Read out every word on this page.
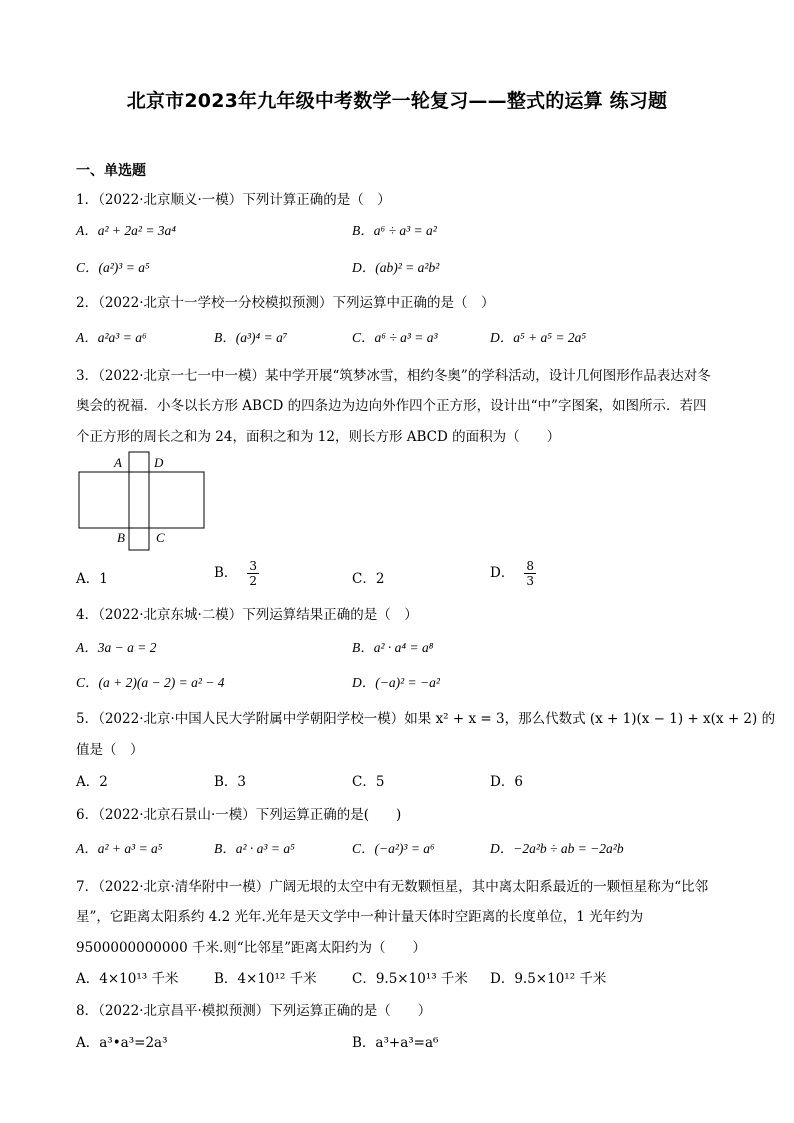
北京市2023年九年级中考数学一轮复习——整式的运算 练习题
一、单选题
1．（2022·北京顺义·一模）下列计算正确的是（　）
A．a² + 2a² = 3a⁴	B．a⁶ ÷ a³ = a²
C．(a²)³ = a⁵	D．(ab)² = a²b²
2．（2022·北京十一学校一分校模拟预测）下列运算中正确的是（　）
A．a²a³ = a⁶	B．(a³)⁴ = a⁷	C．a⁶ ÷ a³ = a³	D．a⁵ + a⁵ = 2a⁵
3．（2022·北京一七一中一模）某中学开展“筑梦冰雪，相约冬奥”的学科活动，设计几何图形作品表达对冬
奥会的祝福．小冬以长方形 ABCD 的四条边为边向外作四个正方形，设计出“中”字图案，如图所示．若四
个正方形的周长之和为 24，面积之和为 12，则长方形 ABCD 的面积为（　　）
A D
B C
A．1	B． $\frac{3}{2}$	C．2	D． $\frac{8}{3}$
4．（2022·北京东城·二模）下列运算结果正确的是（　）
A．3a − a = 2	B．a² · a⁴ = a⁸
C．(a + 2)(a − 2) = a² − 4	D．(−a)² = −a²
5．（2022·北京·中国人民大学附属中学朝阳学校一模）如果 x² + x = 3，那么代数式 (x + 1)(x − 1) + x(x + 2) 的
值是（　）
A．2	B．3	C．5	D．6
6．（2022·北京石景山·一模）下列运算正确的是(　　)
A．a² + a³ = a⁵	B．a² · a³ = a⁵	C．(−a²)³ = a⁶	D．−2a²b ÷ ab = −2a²b
7．（2022·北京·清华附中一模）广阔无垠的太空中有无数颗恒星，其中离太阳系最近的一颗恒星称为“比邻
星”，它距离太阳系约 4.2 光年.光年是天文学中一种计量天体时空距离的长度单位，1 光年约为
9500000000000 千米.则“比邻星”距离太阳约为（　　）
A．4×10¹³ 千米	B．4×10¹² 千米	C．9.5×10¹³ 千米 D．9.5×10¹² 千米
8．（2022·北京昌平·模拟预测）下列运算正确的是（　　）
A．a³•a³=2a³	B．a³+a³=a⁶
